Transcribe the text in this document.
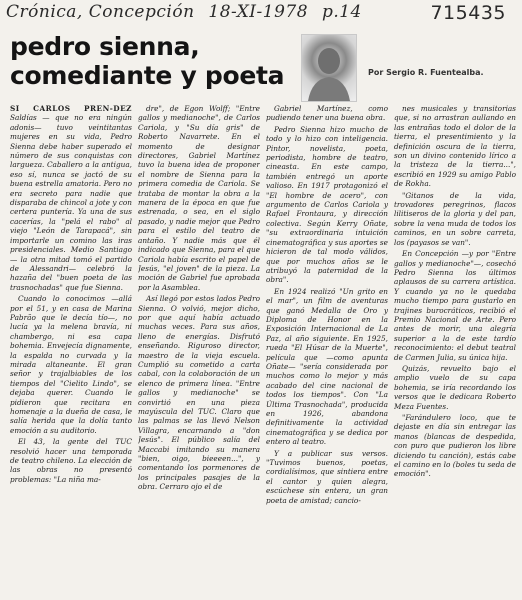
Crónica, Concepción 18-XI-1978 p.14	715435
pedro sienna,
comediante y poeta	Por Sergio R. Fuentealba.

SI CARLOS PREN-DEZ Saldías — que no era ningún adonis— tuvo veintitantas mujeres en su vida, Pedro Sienna debe haber superado el número de sus conquistas con largueza. Caballero a la antigua, eso sí, nunca se jactó de su buena estrella amatoria. Pero no era secreto para nadie que disparaba de chincol a jote y con certera puntería. Ya una de sus cacerías, la "pelá el rabo" al viejo "León de Tarapacá", sin importarle un comino las iras presidenciales. Medio Santiago — la otra mitad tomó el partido de Alessandri— celebró la hazaña del "buen poeta de las trasnochadas" que fue Sienna.

Cuando lo conocimos —allá por el 51, y en casa de Marina Pabrão que le decía tío—, no lucía ya la melena bravía, ni chambergo, ni esa capa bohemia. Envejecía dignamente, la espalda no curvada y la mirada altaneante. El gran señor y trajalbiables de los tiempos del "Cielito Lindo", se dejaba querer. Cuando le pidieron que recitara en homenaje a la dueña de casa, le salía herida que la dolía tanto emoción a su auditorio.

El 43, la gente del TUC resolvió hacer una temporada de teatro chileno. La elección de las obras no presentó problemas: "La niña ma-

dre", de Egon Wolff; "Entre gallos y medianoche", de Carlos Cariola, y "Su día gris" de Roberto Navarrete. En el momento de designar directores, Gabriel Martínez tuvo la buena idea de proponer el nombre de Sienna para la primera comedia de Cariola. Se trataba de montar la obra a la manera de la época en que fue estrenada, o sea, en el siglo pasado, y nadie mejor que Pedro para el estilo del teatro de antaño. Y nadie más que él indicado que Sienna, para el que Cariola había escrito el papel de Jesús, "el joven" de la pieza. La moción de Gabriel fue aprobada por la Asamblea.

Así llegó por estos lados Pedro Sienna. O volvió, mejor dicho, por que aquí había actuado muchas veces. Para sus años, lleno de energías. Disfrutó enseñando. Riguroso director, maestro de la vieja escuela. Cumplió su cometido a carta cabal, con la colaboración de un elenco de primera línea. "Entre gallos y medianoche" se convirtió en una pieza mayúscula del TUC. Claro que las palmas se las llevó Nelson Villagra, encarnando a "don Jesús". El público salía del Maccabi imitando su manera "bien, oigo, bieeeen...", y comentando los pormenores de los principales pasajes de la obra. Cerraro ojo el de

Gabriel Martínez, como pudiendo tener una buena obra.

Pedro Sienna hizo mucho de todo y lo hizo con inteligencia. Pintor, novelista, poeta, periodista, hombre de teatro, cineasta. En este campo, también entregó un aporte valioso. En 1917 protagonizó el "El hombre de acero", con argumento de Carlos Cariola y Rafael Frontaura, y dirección colectiva. Según Kerry Oñate, "su extraordinaria intuición cinematográfica y sus aportes se hicieron de tal modo válidos, que por muchos años se le atribuyó la paternidad de la obra".

En 1924 realizó "Un grito en el mar", un film de aventuras que ganó Medalla de Oro y Diploma de Honor en la Exposición Internacional de La Paz, al año siguiente. En 1925, rueda "El Húsar de la Muerte", película que —como apunta Oñate— "sería considerada por muchos como lo mejor y más acabado del cine nacional de todos los tiempos". Con "La Última Trasnochada", producida en 1926, abandona definitivamente la actividad cinematográfica y se dedica por entero al teatro.

Y a publicar sus versos. "Tuvimos buenos, poetas, cordialísimos, que sintiera entre el cantor y quien alegra, escúchese sin entera, un gran poeta de amistad; cancio-

nes musicales y transitorias que, si no arrastran aullando en las entrañas todo el dolor de la tierra, el presentimiento y la definición oscura de la tierra, son un divino contenido lírico a la tristeza de la tierra...", escribió en 1929 su amigo Pablo de Rokha.

"Gitanos de la vida, trovadores peregrinos, flacos lilitiseros de la gloria y del pan, sobre la vena muda de todos los caminos, en un sobre carreta, los (payasos se van".

En Concepción —y por "Entre gallos y medianoche"—, cosechó Pedro Sienna los últimos aplausos de su carrera artística. Y cuando ya no le quedaba mucho tiempo para gustarlo en trajines burocráticos, recibió el Premio Nacional de Arte. Pero antes de morir, una alegría superior a la de este tardío reconocimiento: el debut teatral de Carmen Julia, su única hija.

Quizás, revuelto bajo el amplio vuelo de su capa bohemia, se iría recordando los versos que le dedicara Roberto Meza Fuentes.

"Farándulero loco, que te dejaste en día sin entregar las manos (blancas de despedida, con puro que pudieron los libre diciendo tu canción), estás cabe el camino en lo (boles tu seda de emoción".
